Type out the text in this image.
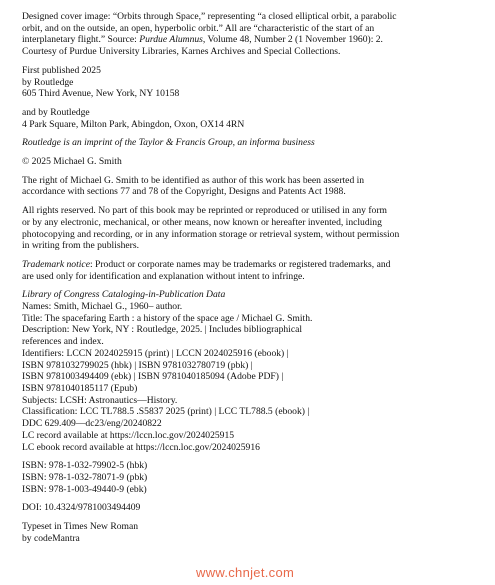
Designed cover image: “Orbits through Space,” representing “a closed elliptical orbit, a parabolic
orbit, and on the outside, an open, hyperbolic orbit.” All are “characteristic of the start of an
interplanetary flight.” Source: Purdue Alumnus, Volume 48, Number 2 (1 November 1960): 2.
Courtesy of Purdue University Libraries, Karnes Archives and Special Collections.
First published 2025
by Routledge
605 Third Avenue, New York, NY 10158
and by Routledge
4 Park Square, Milton Park, Abingdon, Oxon, OX14 4RN
Routledge is an imprint of the Taylor & Francis Group, an informa business
© 2025 Michael G. Smith
The right of Michael G. Smith to be identified as author of this work has been asserted in
accordance with sections 77 and 78 of the Copyright, Designs and Patents Act 1988.
All rights reserved. No part of this book may be reprinted or reproduced or utilised in any form
or by any electronic, mechanical, or other means, now known or hereafter invented, including
photocopying and recording, or in any information storage or retrieval system, without permission
in writing from the publishers.
Trademark notice: Product or corporate names may be trademarks or registered trademarks, and
are used only for identification and explanation without intent to infringe.
Library of Congress Cataloging-in-Publication Data
Names: Smith, Michael G., 1960– author.
Title: The spacefaring Earth : a history of the space age / Michael G. Smith.
Description: New York, NY : Routledge, 2025. | Includes bibliographical
references and index.
Identifiers: LCCN 2024025915 (print) | LCCN 2024025916 (ebook) |
ISBN 9781032799025 (hbk) | ISBN 9781032780719 (pbk) |
ISBN 9781003494409 (ebk) | ISBN 9781040185094 (Adobe PDF) |
ISBN 9781040185117 (Epub)
Subjects: LCSH: Astronautics—History.
Classification: LCC TL788.5 .S5837 2025 (print) | LCC TL788.5 (ebook) |
DDC 629.409—dc23/eng/20240822
LC record available at https://lccn.loc.gov/2024025915
LC ebook record available at https://lccn.loc.gov/2024025916
ISBN: 978-1-032-79902-5 (hbk)
ISBN: 978-1-032-78071-9 (pbk)
ISBN: 978-1-003-49440-9 (ebk)
DOI: 10.4324/9781003494409
Typeset in Times New Roman
by codeMantra
www.chnjet.com
